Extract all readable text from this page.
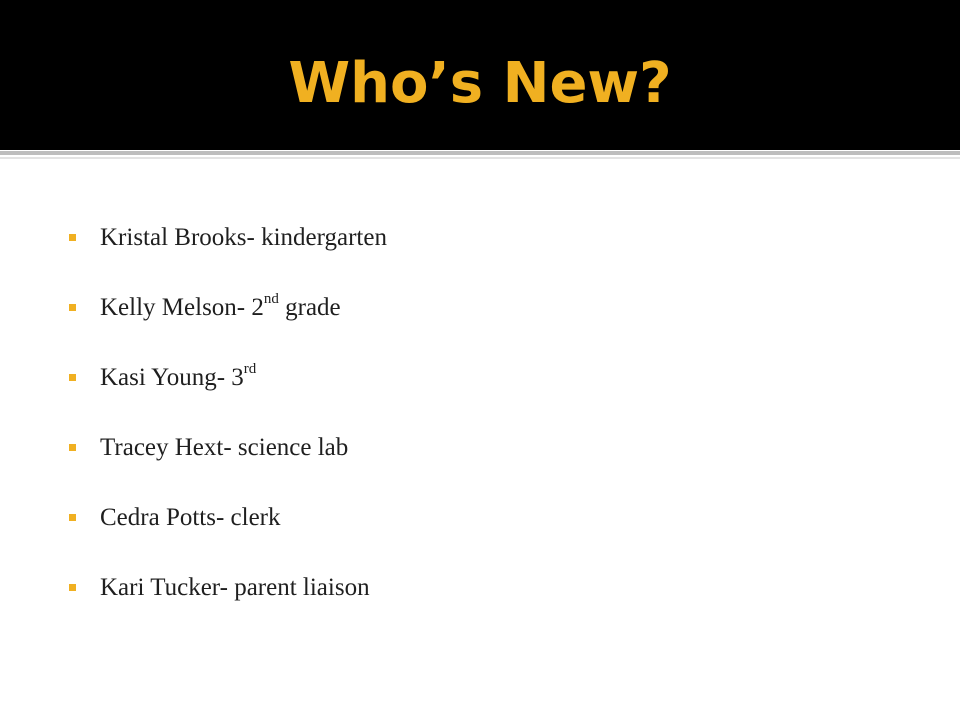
Who’s New?
Kristal Brooks- kindergarten
Kelly Melson- 2nd grade
Kasi Young- 3rd
Tracey Hext- science lab
Cedra Potts- clerk
Kari Tucker- parent liaison
